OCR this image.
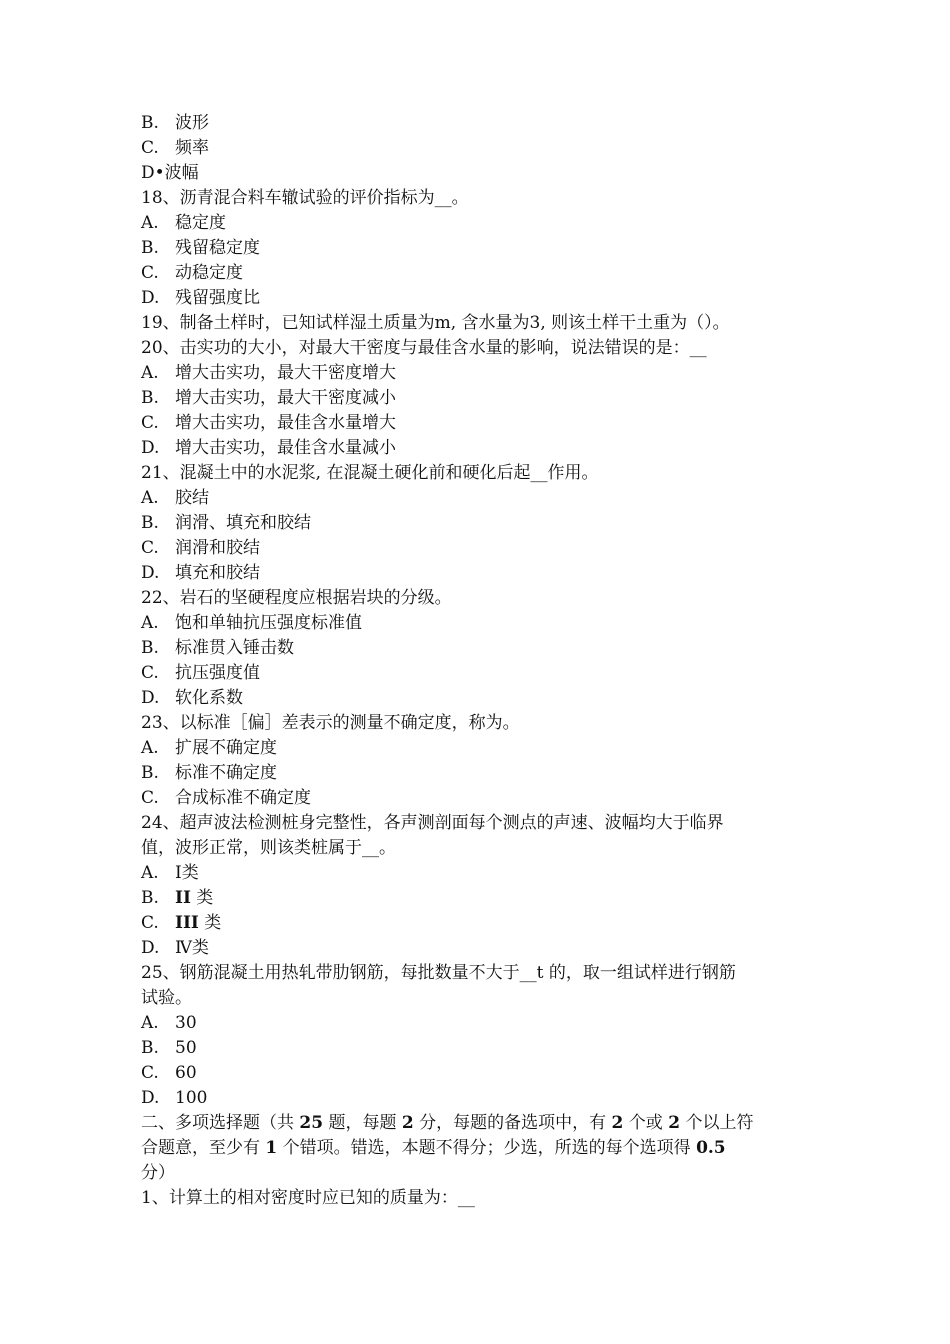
B. 波形

C. 频率

D•波幅

18、沥青混合料车辙试验的评价指标为__。

A. 稳定度

B. 残留稳定度

C. 动稳定度

D. 残留强度比

19、制备土样时，已知试样湿土质量为m, 含水量为3, 则该土样干土重为（）。

20、击实功的大小，对最大干密度与最佳含水量的影响，说法错误的是：__

A. 增大击实功，最大干密度增大

B. 增大击实功，最大干密度减小

C. 增大击实功，最佳含水量增大

D. 增大击实功，最佳含水量减小

21、混凝土中的水泥浆, 在混凝土硬化前和硬化后起__作用。

A. 胶结

B. 润滑、填充和胶结

C. 润滑和胶结

D. 填充和胶结

22、岩石的坚硬程度应根据岩块的分级。

A. 饱和单轴抗压强度标准值

B. 标准贯入锤击数

C. 抗压强度值

D. 软化系数

23、以标准［偏］差表示的测量不确定度，称为。

A. 扩展不确定度

B. 标准不确定度

C. 合成标准不确定度

24、超声波法检测桩身完整性，各声测剖面每个测点的声速、波幅均大于临界

值，波形正常，则该类桩属于__。

A. Ⅰ类

B. II 类

C. III 类

D. Ⅳ类

25、钢筋混凝土用热轧带肋钢筋，每批数量不大于__t 的，取一组试样进行钢筋

试验。

A. 30

B. 50

C. 60

D. 100

二、多项选择题（共 25 题，每题 2 分，每题的备选项中，有 2 个或 2 个以上符

合题意，至少有 1 个错项。错选，本题不得分；少选，所选的每个选项得 0.5

分）

1、计算土的相对密度时应已知的质量为：__
